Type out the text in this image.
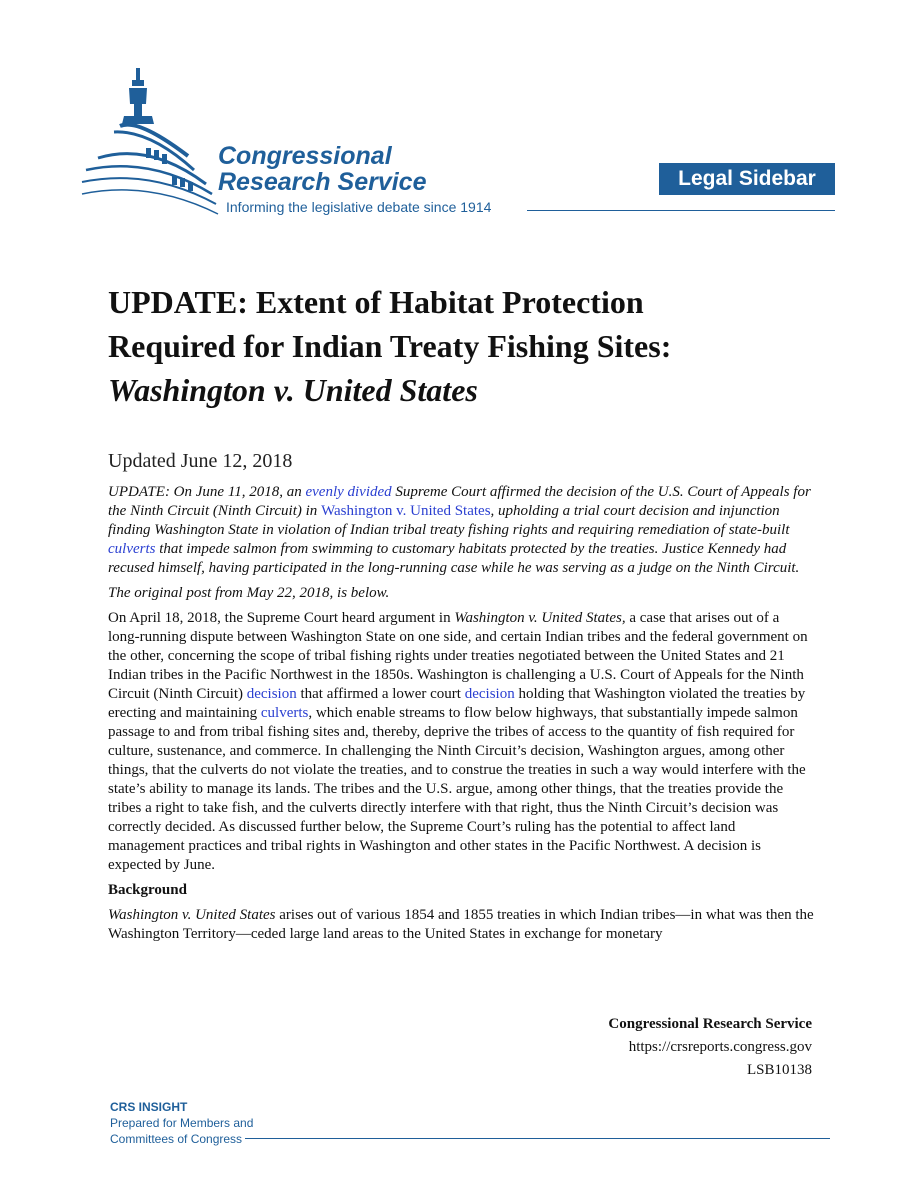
Congressional
Research Service
Informing the legislative debate since 1914
Legal Sidebar
UPDATE: Extent of Habitat Protection
Required for Indian Treaty Fishing Sites:
Washington v. United States
Updated June 12, 2018

UPDATE: On June 11, 2018, an evenly divided Supreme Court affirmed the decision of the U.S. Court of Appeals for the Ninth Circuit (Ninth Circuit) in Washington v. United States, upholding a trial court decision and injunction finding Washington State in violation of Indian tribal treaty fishing rights and requiring remediation of state-built culverts that impede salmon from swimming to customary habitats protected by the treaties. Justice Kennedy had recused himself, having participated in the long-running case while he was serving as a judge on the Ninth Circuit.

The original post from May 22, 2018, is below.

On April 18, 2018, the Supreme Court heard argument in Washington v. United States, a case that arises out of a long-running dispute between Washington State on one side, and certain Indian tribes and the federal government on the other, concerning the scope of tribal fishing rights under treaties negotiated between the United States and 21 Indian tribes in the Pacific Northwest in the 1850s. Washington is challenging a U.S. Court of Appeals for the Ninth Circuit (Ninth Circuit) decision that affirmed a lower court decision holding that Washington violated the treaties by erecting and maintaining culverts, which enable streams to flow below highways, that substantially impede salmon passage to and from tribal fishing sites and, thereby, deprive the tribes of access to the quantity of fish required for culture, sustenance, and commerce. In challenging the Ninth Circuit’s decision, Washington argues, among other things, that the culverts do not violate the treaties, and to construe the treaties in such a way would interfere with the state’s ability to manage its lands. The tribes and the U.S. argue, among other things, that the treaties provide the tribes a right to take fish, and the culverts directly interfere with that right, thus the Ninth Circuit’s decision was correctly decided. As discussed further below, the Supreme Court’s ruling has the potential to affect land management practices and tribal rights in Washington and other states in the Pacific Northwest. A decision is expected by June.

Background

Washington v. United States arises out of various 1854 and 1855 treaties in which Indian tribes—in what was then the Washington Territory—ceded large land areas to the United States in exchange for monetary

Congressional Research Service
https://crsreports.congress.gov
LSB10138
CRS INSIGHT
Prepared for Members and
Committees of Congress
